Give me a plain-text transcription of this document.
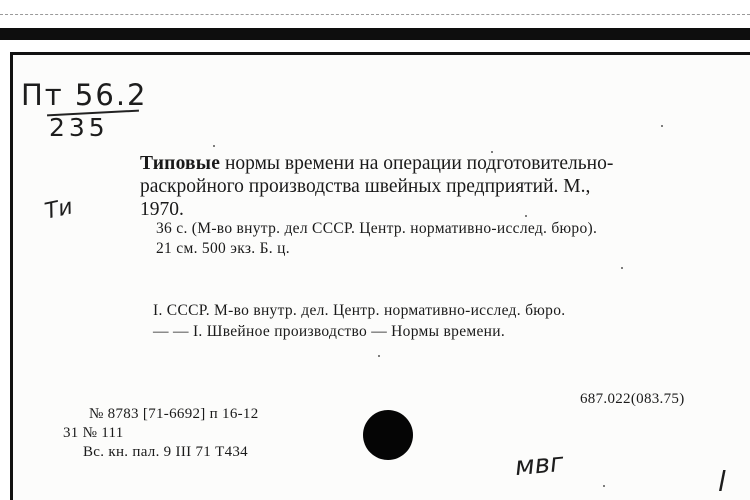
Пт 56.2
235
Ти
Типовые нормы времени на операции подготовительно-
раскройного производства швейных предприятий. М.,
1970.
36 с. (М-во внутр. дел СССР. Центр. нормативно-исслед. бюро).
21 см. 500 экз. Б. ц.
I. СССР. М-во внутр. дел. Центр. нормативно-исслед. бюро.
— — I. Швейное производство — Нормы времени.
№ 8783 [71-6692] п 16-12
31 № 111
Вс. кн. пал. 9 III 71 Т434
687.022(083.75)
мвг	l
